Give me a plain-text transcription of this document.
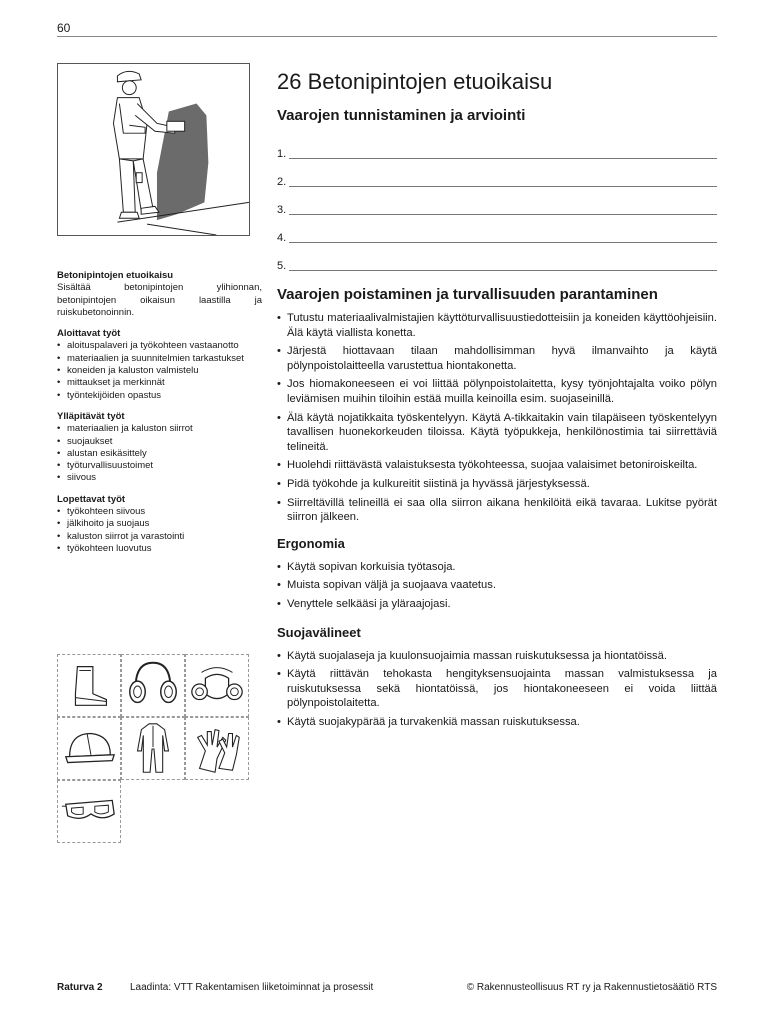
60
Betonipintojen etuoikaisu

Sisältää betonipintojen ylihionnan, betonipintojen oikaisun laastilla ja ruiskubetonoinnin.

Aloittavat työt
• aloituspalaveri ja työkohteen vastaanotto
• materiaalien ja suunnitelmien tarkastukset
• koneiden ja kaluston valmistelu
• mittaukset ja merkinnät
• työntekijöiden opastus
Ylläpitävät työt
• materiaalien ja kaluston siirrot
• suojaukset
• alustan esikäsittely
• työturvallisuustoimet
• siivous
Lopettavat työt
• työkohteen siivous
• jälkihoito ja suojaus
• kaluston siirrot ja varastointi
• työkohteen luovutus
26 Betonipintojen etuoikaisu
Vaarojen tunnistaminen ja arviointi
1.
2.
3.
4.
5.
Vaarojen poistaminen ja turvallisuuden parantaminen
• Tutustu materiaalivalmistajien käyttöturvallisuustiedotteisiin ja koneiden käyttöohjeisiin. Älä käytä viallista konetta.
• Järjestä hiottavaan tilaan mahdollisimman hyvä ilmanvaihto ja käytä pölynpoistolaitteella varustettua hiontakonetta.
• Jos hiomakoneeseen ei voi liittää pölynpoistolaitetta, kysy työnjohtajalta voiko pölyn leviämisen muihin tiloihin estää muilla keinoilla esim. suojaseinillä.
• Älä käytä nojatikkaita työskentelyyn. Käytä A-tikkaitakin vain tilapäiseen työskentelyyn tavallisen huonekorkeuden tiloissa. Käytä työpukkeja, henkilönostimia tai siirrettäviä telineitä.
• Huolehdi riittävästä valaistuksesta työkohteessa, suojaa valaisimet betoniroiskeilta.
• Pidä työkohde ja kulkureitit siistinä ja hyvässä järjestyksessä.
• Siirreltävillä telineillä ei saa olla siirron aikana henkilöitä eikä tavaraa. Lukitse pyörät siirron jälkeen.
Ergonomia
• Käytä sopivan korkuisia työtasoja.
• Muista sopivan väljä ja suojaava vaatetus.
• Venyttele selkääsi ja yläraajojasi.
Suojavälineet
• Käytä suojalaseja ja kuulonsuojaimia massan ruiskutuksessa ja hiontatöissä.
• Käytä riittävän tehokasta hengityksensuojainta massan valmistuksessa ja ruiskutuksessa sekä hiontatöissä, jos hiontakoneeseen ei voida liittää pölynpoistolaitetta.
• Käytä suojakypärää ja turvakenkiä massan ruiskutuksessa.
Raturva 2	Laadinta: VTT Rakentamisen liiketoiminnat ja prosessit	© Rakennusteollisuus RT ry ja Rakennustietosäätiö RTS
